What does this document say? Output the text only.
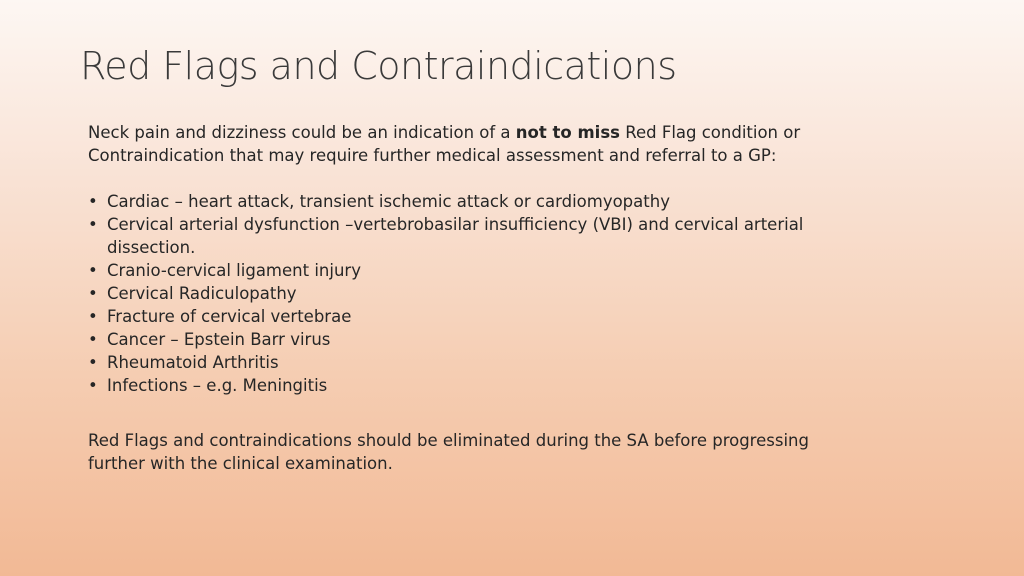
Red Flags and Contraindications

Neck pain and dizziness could be an indication of a not to miss Red Flag condition or Contraindication that may require further medical assessment and referral to a GP:

• Cardiac – heart attack, transient ischemic attack or cardiomyopathy
• Cervical arterial dysfunction –vertebrobasilar insufficiency (VBI) and cervical arterial dissection.
• Cranio-cervical ligament injury
• Cervical Radiculopathy
• Fracture of cervical vertebrae
• Cancer – Epstein Barr virus
• Rheumatoid Arthritis
• Infections – e.g. Meningitis

Red Flags and contraindications should be eliminated during the SA before progressing further with the clinical examination.
